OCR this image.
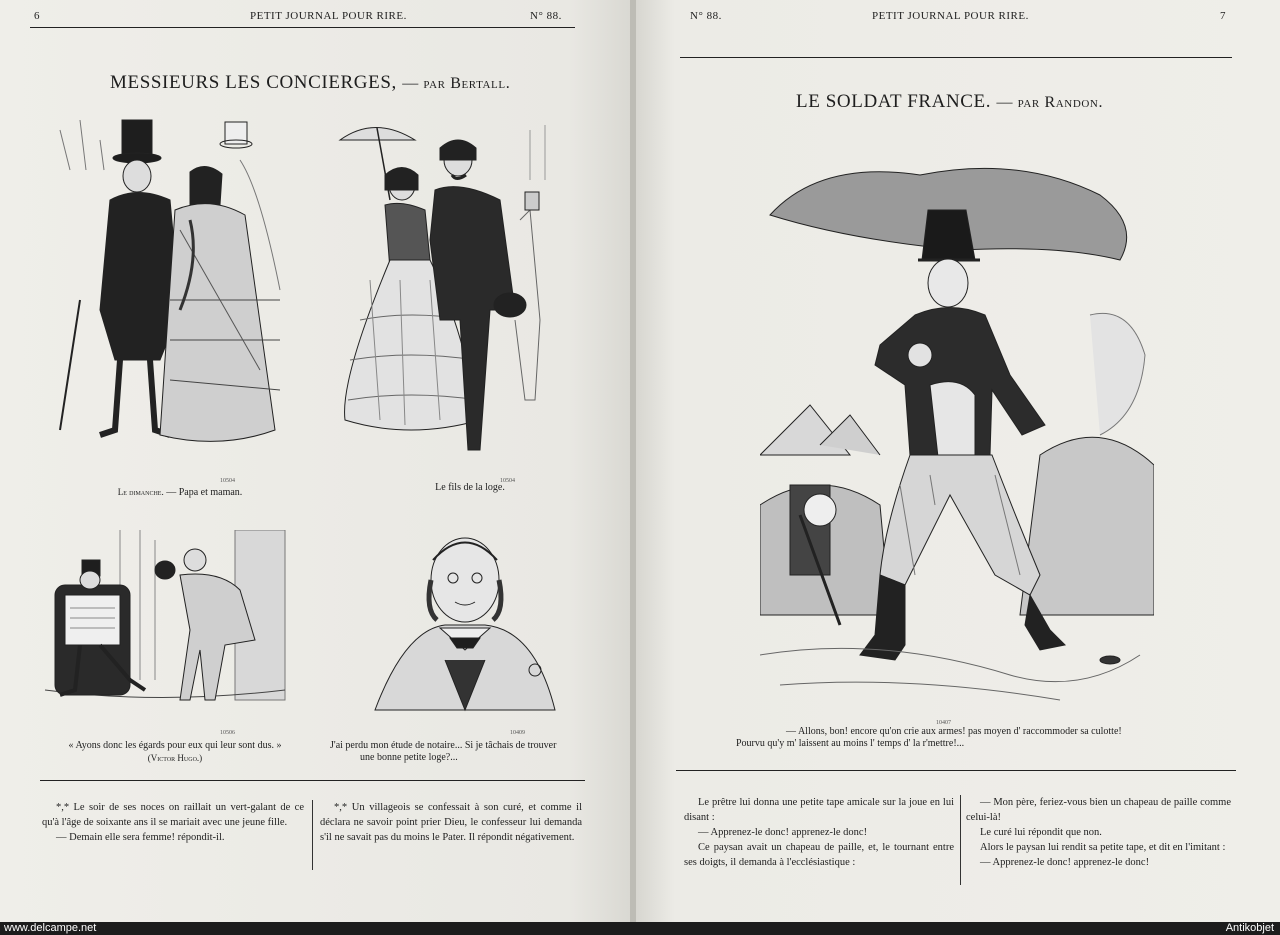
6	PETIT JOURNAL POUR RIRE.	N° 88.
MESSIEURS LES CONCIERGES, — par Bertall.
10504
Le dimanche. — Papa et maman.
10504
Le fils de la loge.
10506
« Ayons donc les égards pour eux qui leur sont dus. »
(Victor Hugo.)
10409
J'ai perdu mon étude de notaire... Si je tâchais de trouver
une bonne petite loge?...

*,* Le soir de ses noces on raillait un vert-galant de ce qu'à l'âge de soixante ans il se mariait avec une jeune fille.

— Demain elle sera femme! répondit-il.

*,* Un villageois se confessait à son curé, et comme il déclara ne savoir point prier Dieu, le confesseur lui demanda s'il ne savait pas du moins le Pater. Il répondit négativement.

N° 88.	PETIT JOURNAL POUR RIRE.	7
LE SOLDAT FRANCE. — par Randon.
10407
— Allons, bon! encore qu'on crie aux armes! pas moyen d' raccommoder sa culotte!
Pourvu qu'y m' laissent au moins l' temps d' la r'mettre!...

Le prêtre lui donna une petite tape amicale sur la joue en lui disant :

— Apprenez-le donc! apprenez-le donc!

Ce paysan avait un chapeau de paille, et, le tournant entre ses doigts, il demanda à l'ecclésiastique :

— Mon père, feriez-vous bien un chapeau de paille comme celui-là!

Le curé lui répondit que non.

Alors le paysan lui rendit sa petite tape, et dit en l'imitant :

— Apprenez-le donc! apprenez-le donc!

www.delcampe.net	Antikobjet
